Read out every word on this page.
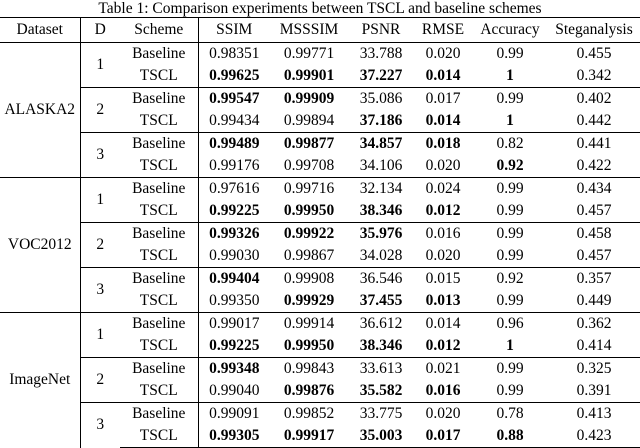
Table 1: Comparison experiments between TSCL and baseline schemes
Dataset	D	Scheme	SSIM	MSSSIM	PSNR	RMSE	Accuracy	Steganalysis
ALASKA2	1	Baseline	0.98351	0.99771	33.788	0.020	0.99	0.455
		TSCL	0.99625	0.99901	37.227	0.014	1	0.342
	2	Baseline	0.99547	0.99909	35.086	0.017	0.99	0.402
		TSCL	0.99434	0.99894	37.186	0.014	1	0.442
	3	Baseline	0.99489	0.99877	34.857	0.018	0.82	0.441
		TSCL	0.99176	0.99708	34.106	0.020	0.92	0.422
VOC2012	1	Baseline	0.97616	0.99716	32.134	0.024	0.99	0.434
		TSCL	0.99225	0.99950	38.346	0.012	0.99	0.457
	2	Baseline	0.99326	0.99922	35.976	0.016	0.99	0.458
		TSCL	0.99030	0.99867	34.028	0.020	0.99	0.457
	3	Baseline	0.99404	0.99908	36.546	0.015	0.92	0.357
		TSCL	0.99350	0.99929	37.455	0.013	0.99	0.449
ImageNet	1	Baseline	0.99017	0.99914	36.612	0.014	0.96	0.362
		TSCL	0.99225	0.99950	38.346	0.012	1	0.414
	2	Baseline	0.99348	0.99843	33.613	0.021	0.99	0.325
		TSCL	0.99040	0.99876	35.582	0.016	0.99	0.391
	3	Baseline	0.99091	0.99852	33.775	0.020	0.78	0.413
		TSCL	0.99305	0.99917	35.003	0.017	0.88	0.423
